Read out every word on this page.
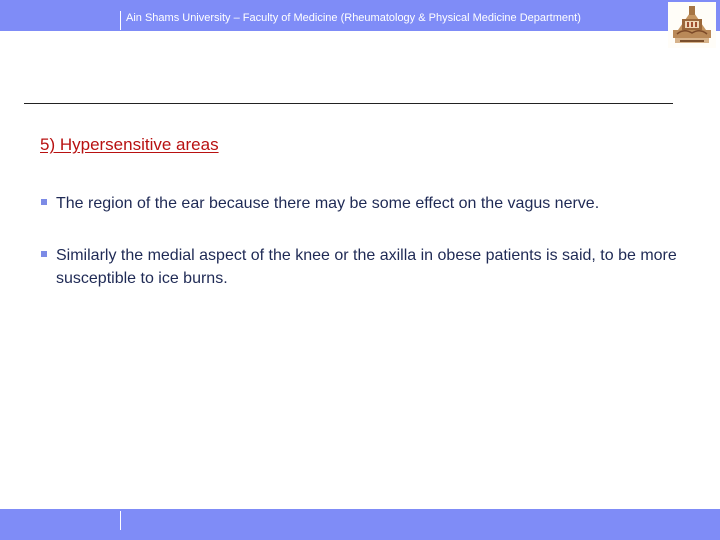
Ain Shams University – Faculty of Medicine (Rheumatology & Physical Medicine Department)
5) Hypersensitive areas
The region of the ear because there may be some effect on the vagus nerve.
Similarly the medial aspect of the knee or the axilla in obese patients is said, to be more susceptible to ice burns.
